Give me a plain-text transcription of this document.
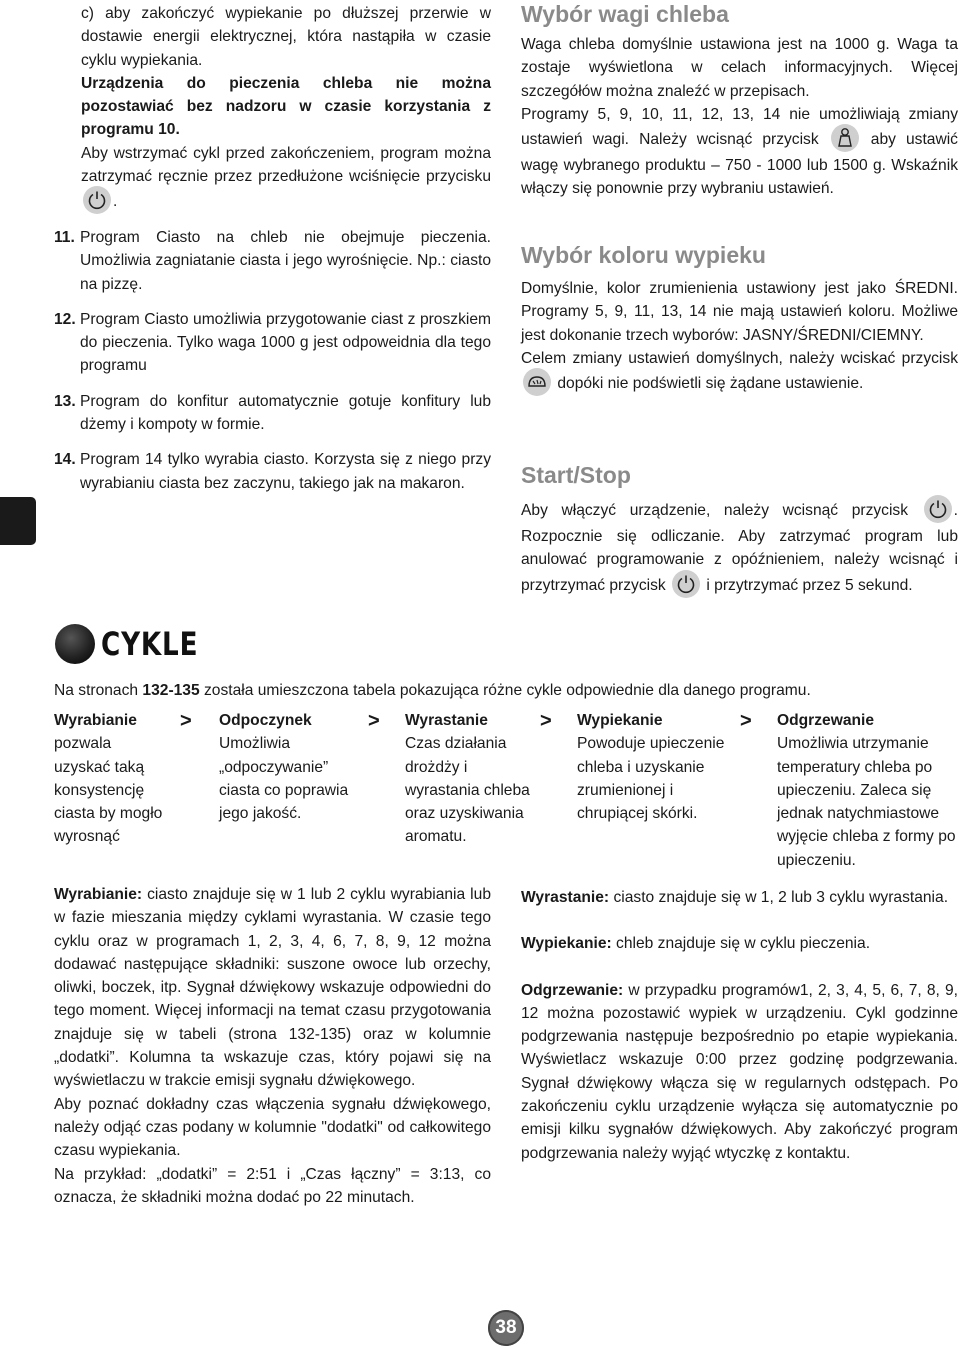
c) aby zakończyć wypiekanie po dłuższej przerwie w dostawie energii elektrycznej, która nastąpiła w czasie cyklu wypiekania.

Urządzenia do pieczenia chleba nie można pozostawiać bez nadzoru w czasie korzystania z programu 10.

Aby wstrzymać cykl przed zakończeniem, program można zatrzymać ręcznie przez przedłużone wciśnięcie przycisku
.

11. Program Ciasto na chleb nie obejmuje pieczenia. Umożliwia zagniatanie ciasta i jego wyrośnięcie. Np.: ciasto na pizzę.
12. Program Ciasto umożliwia przygotowanie ciast z proszkiem do pieczenia. Tylko waga 1000 g jest odpoweidnia dla tego programu
13. Program do konfitur automatycznie gotuje konfitury lub dżemy i kompoty w formie.
14. Program 14 tylko wyrabia ciasto. Korzysta się z niego przy wyrabianiu ciasta bez zaczynu, takiego jak na makaron.
Wybór wagi chleba

Waga chleba domyślnie ustawiona jest na 1000 g. Waga ta zostaje wyświetlona w celach informacyjnych. Więcej szczegółów można znaleźć w przepisach.

Programy 5, 9, 10, 11, 12, 13, 14 nie umożliwiają zmiany ustawień wagi. Należy wcisnąć przycisk	aby ustawić wagę wybranego produktu – 750 - 1000 lub 1500 g. Wskaźnik włączy się ponownie przy wybraniu ustawień.

Wybór koloru wypieku

Domyślnie, kolor zrumienienia ustawiony jest jako ŚREDNI. Programy 5, 9, 11, 13, 14 nie mają ustawień koloru. Możliwe jest dokonanie trzech wyborów: JASNY/ŚREDNI/CIEMNY.

Celem zmiany ustawień domyślnych, należy wciskać przycisk
dopóki nie podświetli się żądane ustawienie.

Start/Stop

Aby włączyć urządzenie, należy wcisnąć przycisk	. Rozpocznie się odliczanie. Aby zatrzymać program lub anulować programowanie z opóźnieniem, należy wcisnąć i przytrzymać przycisk	i przytrzymać przez 5 sekund.

CYKLE
Na stronach 132-135 została umieszczona tabela pokazująca różne cykle odpowiednie dla danego programu.
Wyrabianie
pozwala uzyskać taką konsystencję ciasta by mogło wyrosnąć
> Odpoczynek
Umożliwia „odpoczywanie” ciasta co poprawia jego jakość.
> Wyrastanie
Czas działania drożdży i wyrastania chleba oraz uzyskiwania aromatu.
> Wypiekanie
Powoduje upieczenie chleba i uzyskanie zrumienionej i chrupiącej skórki.
> Odgrzewanie
Umożliwia utrzymanie temperatury chleba po upieczeniu. Zaleca się jednak natychmiastowe wyjęcie chleba z formy po upieczeniu.

Wyrabianie: ciasto znajduje się w 1 lub 2 cyklu wyrabiania lub w fazie mieszania między cyklami wyrastania. W czasie tego cyklu oraz w programach 1, 2, 3, 4, 6, 7, 8, 9, 12 można dodawać następujące składniki: suszone owoce lub orzechy, oliwki, boczek, itp. Sygnał dźwiękowy wskazuje odpowiedni do tego moment. Więcej informacji na temat czasu przygotowania znajduje się w tabeli (strona 132-135) oraz w kolumnie „dodatki”. Kolumna ta wskazuje czas, który pojawi się na wyświetlaczu w trakcie emisji sygnału dźwiękowego.

Aby poznać dokładny czas włączenia sygnału dźwiękowego, należy odjąć czas podany w kolumnie "dodatki" od całkowitego czasu wypiekania.

Na przykład: „dodatki” = 2:51 i „Czas łączny” = 3:13, co oznacza, że składniki można dodać po 22 minutach.

Wyrastanie: ciasto znajduje się w 1, 2 lub 3 cyklu wyrastania.

Wypiekanie: chleb znajduje się w cyklu pieczenia.

Odgrzewanie: w przypadku programów1, 2, 3, 4, 5, 6, 7, 8, 9, 12 można pozostawić wypiek w urządzeniu. Cykl godzinne podgrzewania następuje bezpośrednio po etapie wypiekania. Wyświetlacz wskazuje 0:00 przez godzinę podgrzewania. Sygnał dźwiękowy włącza się w regularnych odstępach. Po zakończeniu cyklu urządzenie wyłącza się automatycznie po emisji kilku sygnałów dźwiękowych. Aby zakończyć program podgrzewania należy wyjąć wtyczkę z kontaktu.

38
